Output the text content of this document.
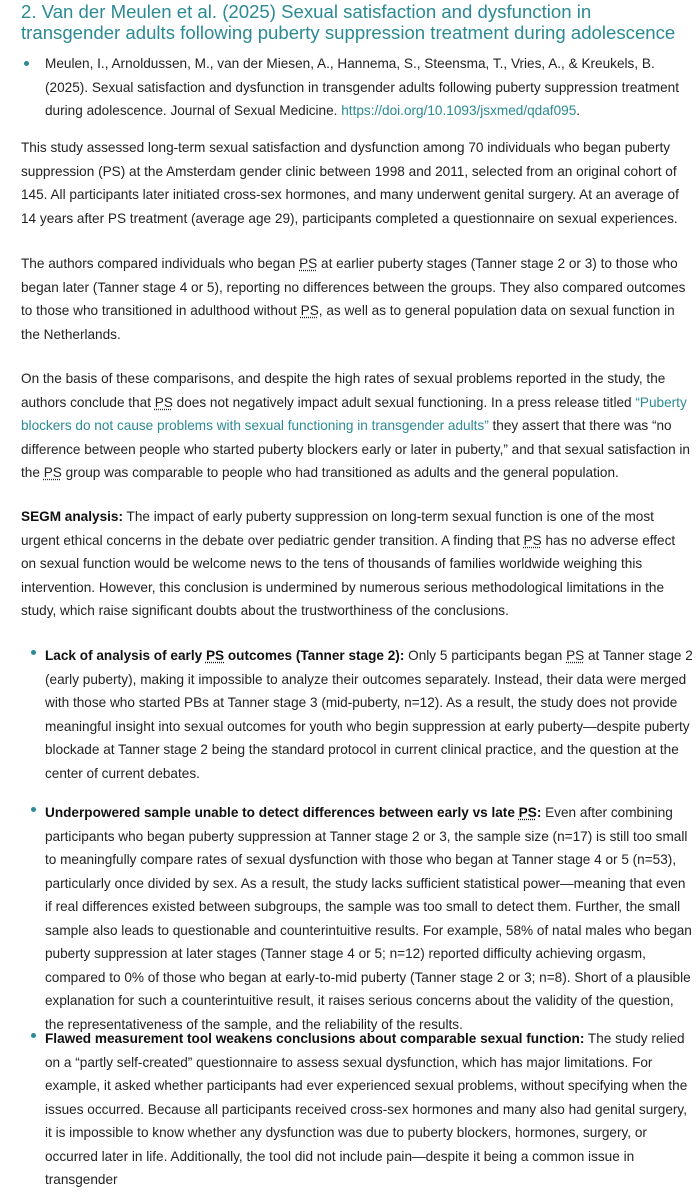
2. Van der Meulen et al. (2025) Sexual satisfaction and dysfunction in transgender adults following puberty suppression treatment during adolescence

Meulen, I., Arnoldussen, M., van der Miesen, A., Hannema, S., Steensma, T., Vries, A., & Kreukels, B. (2025). Sexual satisfaction and dysfunction in transgender adults following puberty suppression treatment during adolescence. Journal of Sexual Medicine. https://doi.org/10.1093/jsxmed/qdaf095.

This study assessed long-term sexual satisfaction and dysfunction among 70 individuals who began puberty suppression (PS) at the Amsterdam gender clinic between 1998 and 2011, selected from an original cohort of 145. All participants later initiated cross-sex hormones, and many underwent genital surgery. At an average of 14 years after PS treatment (average age 29), participants completed a questionnaire on sexual experiences.

The authors compared individuals who began PS at earlier puberty stages (Tanner stage 2 or 3) to those who began later (Tanner stage 4 or 5), reporting no differences between the groups. They also compared outcomes to those who transitioned in adulthood without PS, as well as to general population data on sexual function in the Netherlands.

On the basis of these comparisons, and despite the high rates of sexual problems reported in the study, the authors conclude that PS does not negatively impact adult sexual functioning. In a press release titled “Puberty blockers do not cause problems with sexual functioning in transgender adults” they assert that there was “no difference between people who started puberty blockers early or later in puberty,” and that sexual satisfaction in the PS group was comparable to people who had transitioned as adults and the general population.

SEGM analysis: The impact of early puberty suppression on long-term sexual function is one of the most urgent ethical concerns in the debate over pediatric gender transition. A finding that PS has no adverse effect on sexual function would be welcome news to the tens of thousands of families worldwide weighing this intervention. However, this conclusion is undermined by numerous serious methodological limitations in the study, which raise significant doubts about the trustworthiness of the conclusions.

Lack of analysis of early PS outcomes (Tanner stage 2): Only 5 participants began PS at Tanner stage 2 (early puberty), making it impossible to analyze their outcomes separately. Instead, their data were merged with those who started PBs at Tanner stage 3 (mid-puberty, n=12). As a result, the study does not provide meaningful insight into sexual outcomes for youth who begin suppression at early puberty—despite puberty blockade at Tanner stage 2 being the standard protocol in current clinical practice, and the question at the center of current debates.

Underpowered sample unable to detect differences between early vs late PS: Even after combining participants who began puberty suppression at Tanner stage 2 or 3, the sample size (n=17) is still too small to meaningfully compare rates of sexual dysfunction with those who began at Tanner stage 4 or 5 (n=53), particularly once divided by sex. As a result, the study lacks sufficient statistical power—meaning that even if real differences existed between subgroups, the sample was too small to detect them. Further, the small sample also leads to questionable and counterintuitive results. For example, 58% of natal males who began puberty suppression at later stages (Tanner stage 4 or 5; n=12) reported difficulty achieving orgasm, compared to 0% of those who began at early-to-mid puberty (Tanner stage 2 or 3; n=8). Short of a plausible explanation for such a counterintuitive result, it raises serious concerns about the validity of the question, the representativeness of the sample, and the reliability of the results.

Flawed measurement tool weakens conclusions about comparable sexual function: The study relied on a “partly self-created” questionnaire to assess sexual dysfunction, which has major limitations. For example, it asked whether participants had ever experienced sexual problems, without specifying when the issues occurred. Because all participants received cross-sex hormones and many also had genital surgery, it is impossible to know whether any dysfunction was due to puberty blockers, hormones, surgery, or occurred later in life. Additionally, the tool did not include pain—despite it being a common issue in transgender
